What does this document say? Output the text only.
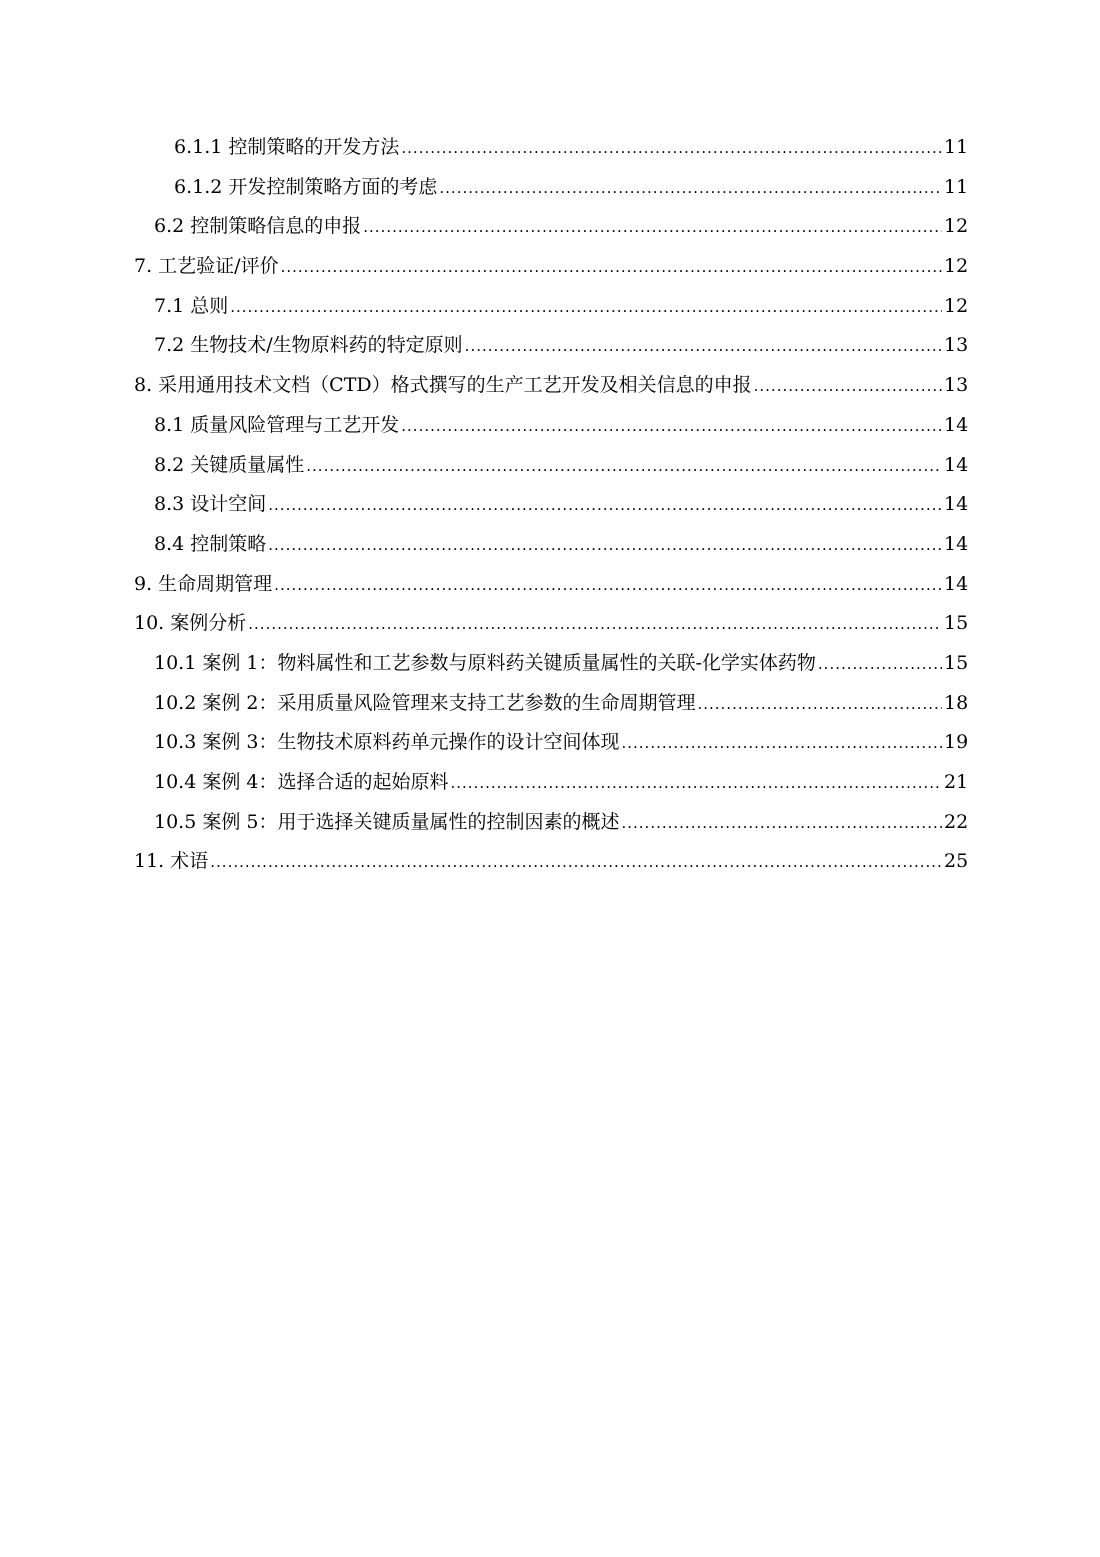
6.1.1 控制策略的开发方法 .....	11
6.1.2 开发控制策略方面的考虑 .....	11
6.2 控制策略信息的申报 .....	12
7. 工艺验证/评价 .....	12
7.1 总则 .....	12
7.2 生物技术/生物原料药的特定原则 .....	13
8. 采用通用技术文档（CTD）格式撰写的生产工艺开发及相关信息的申报 .....	13
8.1 质量风险管理与工艺开发 .....	14
8.2 关键质量属性 .....	14
8.3 设计空间 .....	14
8.4 控制策略 .....	14
9. 生命周期管理 .....	14
10. 案例分析 .....	15
10.1 案例 1：物料属性和工艺参数与原料药关键质量属性的关联-化学实体药物 .....	15
10.2 案例 2：采用质量风险管理来支持工艺参数的生命周期管理 .....	18
10.3 案例 3：生物技术原料药单元操作的设计空间体现 .....	19
10.4 案例 4：选择合适的起始原料 .....	21
10.5 案例 5：用于选择关键质量属性的控制因素的概述 .....	22
11. 术语 .....	25
